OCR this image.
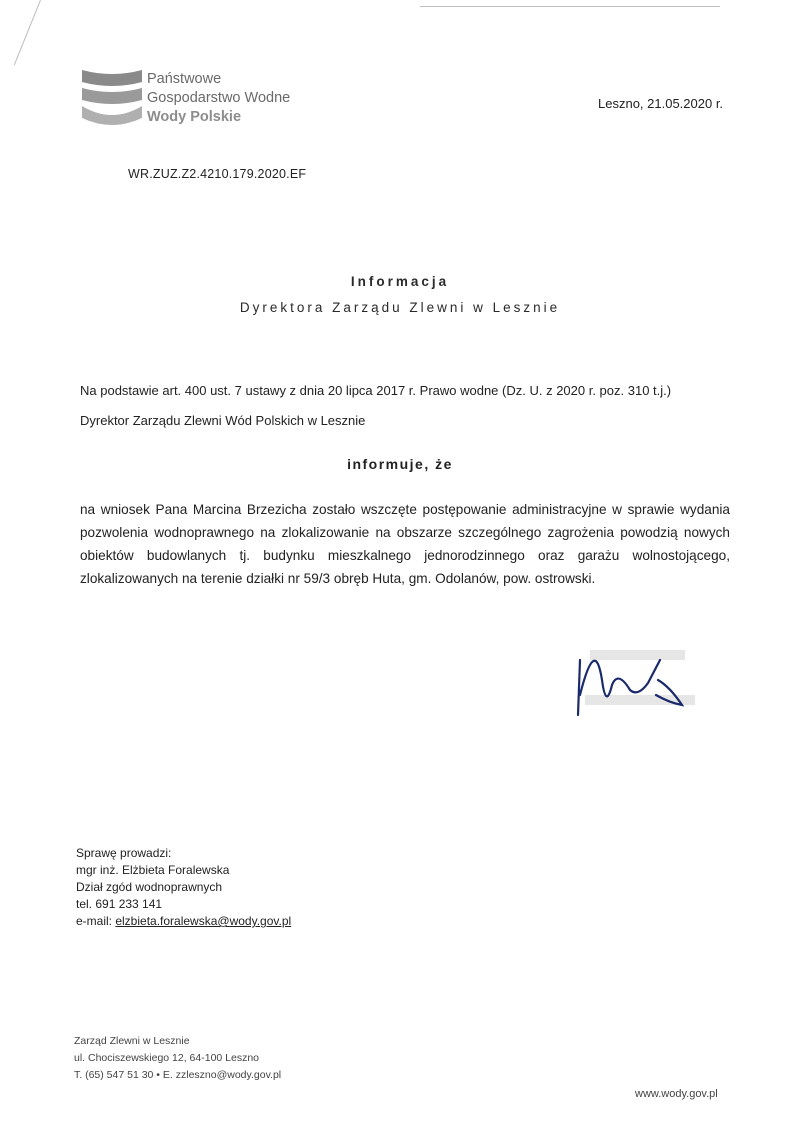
Państwowe
Gospodarstwo Wodne
Wody Polskie
Leszno, 21.05.2020 r.
WR.ZUZ.Z2.4210.179.2020.EF
Informacja
Dyrektora Zarządu Zlewni w Lesznie
Na podstawie art. 400 ust. 7 ustawy z dnia 20 lipca 2017 r. Prawo wodne (Dz. U. z 2020 r. poz. 310 t.j.)
Dyrektor Zarządu Zlewni Wód Polskich w Lesznie
informuje, że
na wniosek Pana Marcina Brzezicha zostało wszczęte postępowanie administracyjne w sprawie wydania pozwolenia wodnoprawnego na zlokalizowanie na obszarze szczególnego zagrożenia powodzią nowych obiektów budowlanych tj. budynku mieszkalnego jednorodzinnego oraz garażu wolnostojącego, zlokalizowanych na terenie działki nr 59/3 obręb Huta, gm. Odolanów, pow. ostrowski.
Sprawę prowadzi:
mgr inż. Elżbieta Foralewska
Dział zgód wodnoprawnych
tel. 691 233 141
e-mail: elzbieta.foralewska@wody.gov.pl
Zarząd Zlewni w Lesznie
ul. Chociszewskiego 12, 64-100 Leszno
T. (65) 547 51 30 • E. zzleszno@wody.gov.pl
www.wody.gov.pl
